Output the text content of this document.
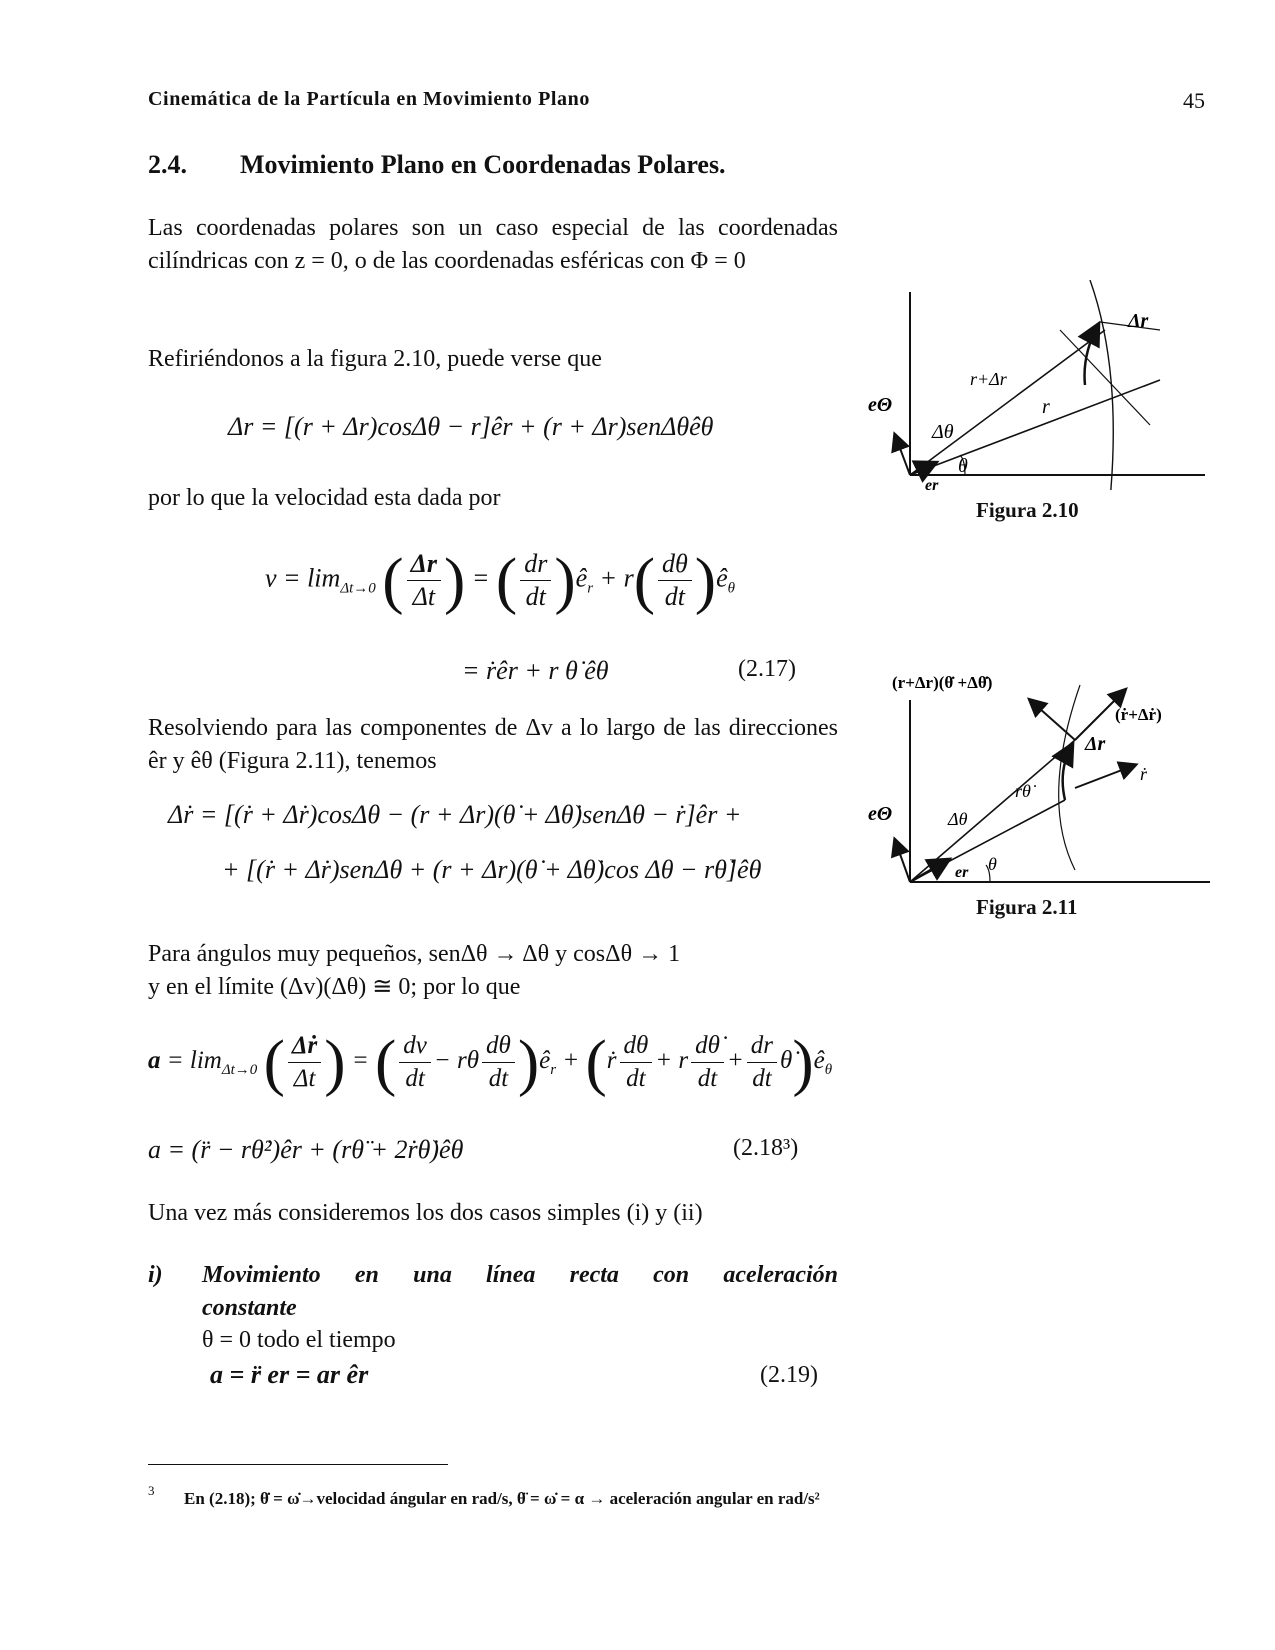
Cinemática de la Partícula en Movimiento Plano	45
2.4. Movimiento Plano en Coordenadas Polares.
Las coordenadas polares son un caso especial de las coordenadas cilíndricas con z = 0, o de las coordenadas esféricas con Φ = 0
Refiriéndonos a la figura 2.10, puede verse que
Δr = [(r + Δr)cosΔθ − r]êr + (r + Δr)senΔθêθ
por lo que la velocidad esta dada por
$v = \lim_{\Delta t\to 0}$ ( $\frac{\Delta r}{\Delta t}$ ) = ( $\frac{dr}{dt}$ )$ê_r + r( \frac{d\theta}{dt}$ )$ê_\theta$
= ṙêr + r θ̇ êθ	(2.17)
Resolviendo para las componentes de Δv a lo largo de las direcciones êr y êθ (Figura 2.11), tenemos
Δṙ = [(ṙ + Δṙ)cosΔθ − (r + Δr)(θ̇ + Δθ̇)senΔθ − ṙ]êr +
+ [(ṙ + Δṙ)senΔθ + (r + Δr)(θ̇ + Δθ̇)cos Δθ − rθ̇]êθ
Para ángulos muy pequeños, senΔθ → Δθ y cosΔθ → 1
y en el límite (Δv)(Δθ) ≅ 0; por lo que
$a = \lim_{\Delta t\to 0}$ ( $\frac{\text{Δṙ}}{\Delta t}$ ) = ( $\frac{dv}{dt} - r\theta \frac{d\theta}{dt}$ )$ê_r$ + (ṙ $\frac{d\theta}{dt} + r \frac{d\thetȧ}{dt} + \frac{dr}{dt}$ $\thetȧ)ê_\theta$
a = (r̈ − rθ̇²)êr + (rθ̈ + 2ṙθ̇)êθ	(2.18³)
Una vez más consideremos los dos casos simples (i) y (ii)
i) Movimiento en una línea recta con aceleración
constante
θ = 0 todo el tiempo
a = r̈ er = ar êr	(2.19)
eΘ
er
Δθ
θ
r+Δr
r
Δr
Figura 2.10
eΘ
er
Δθ
θ
rθ̇
Δr
ṙ
(r+Δr)(θ̇ +Δθ̇)
(ṙ+Δṙ)
Figura 2.11
3 En (2.18); θ̇ = ω̇→velocidad ángular en rad/s, θ̈ = ω̇ = α → aceleración angular en rad/s²
